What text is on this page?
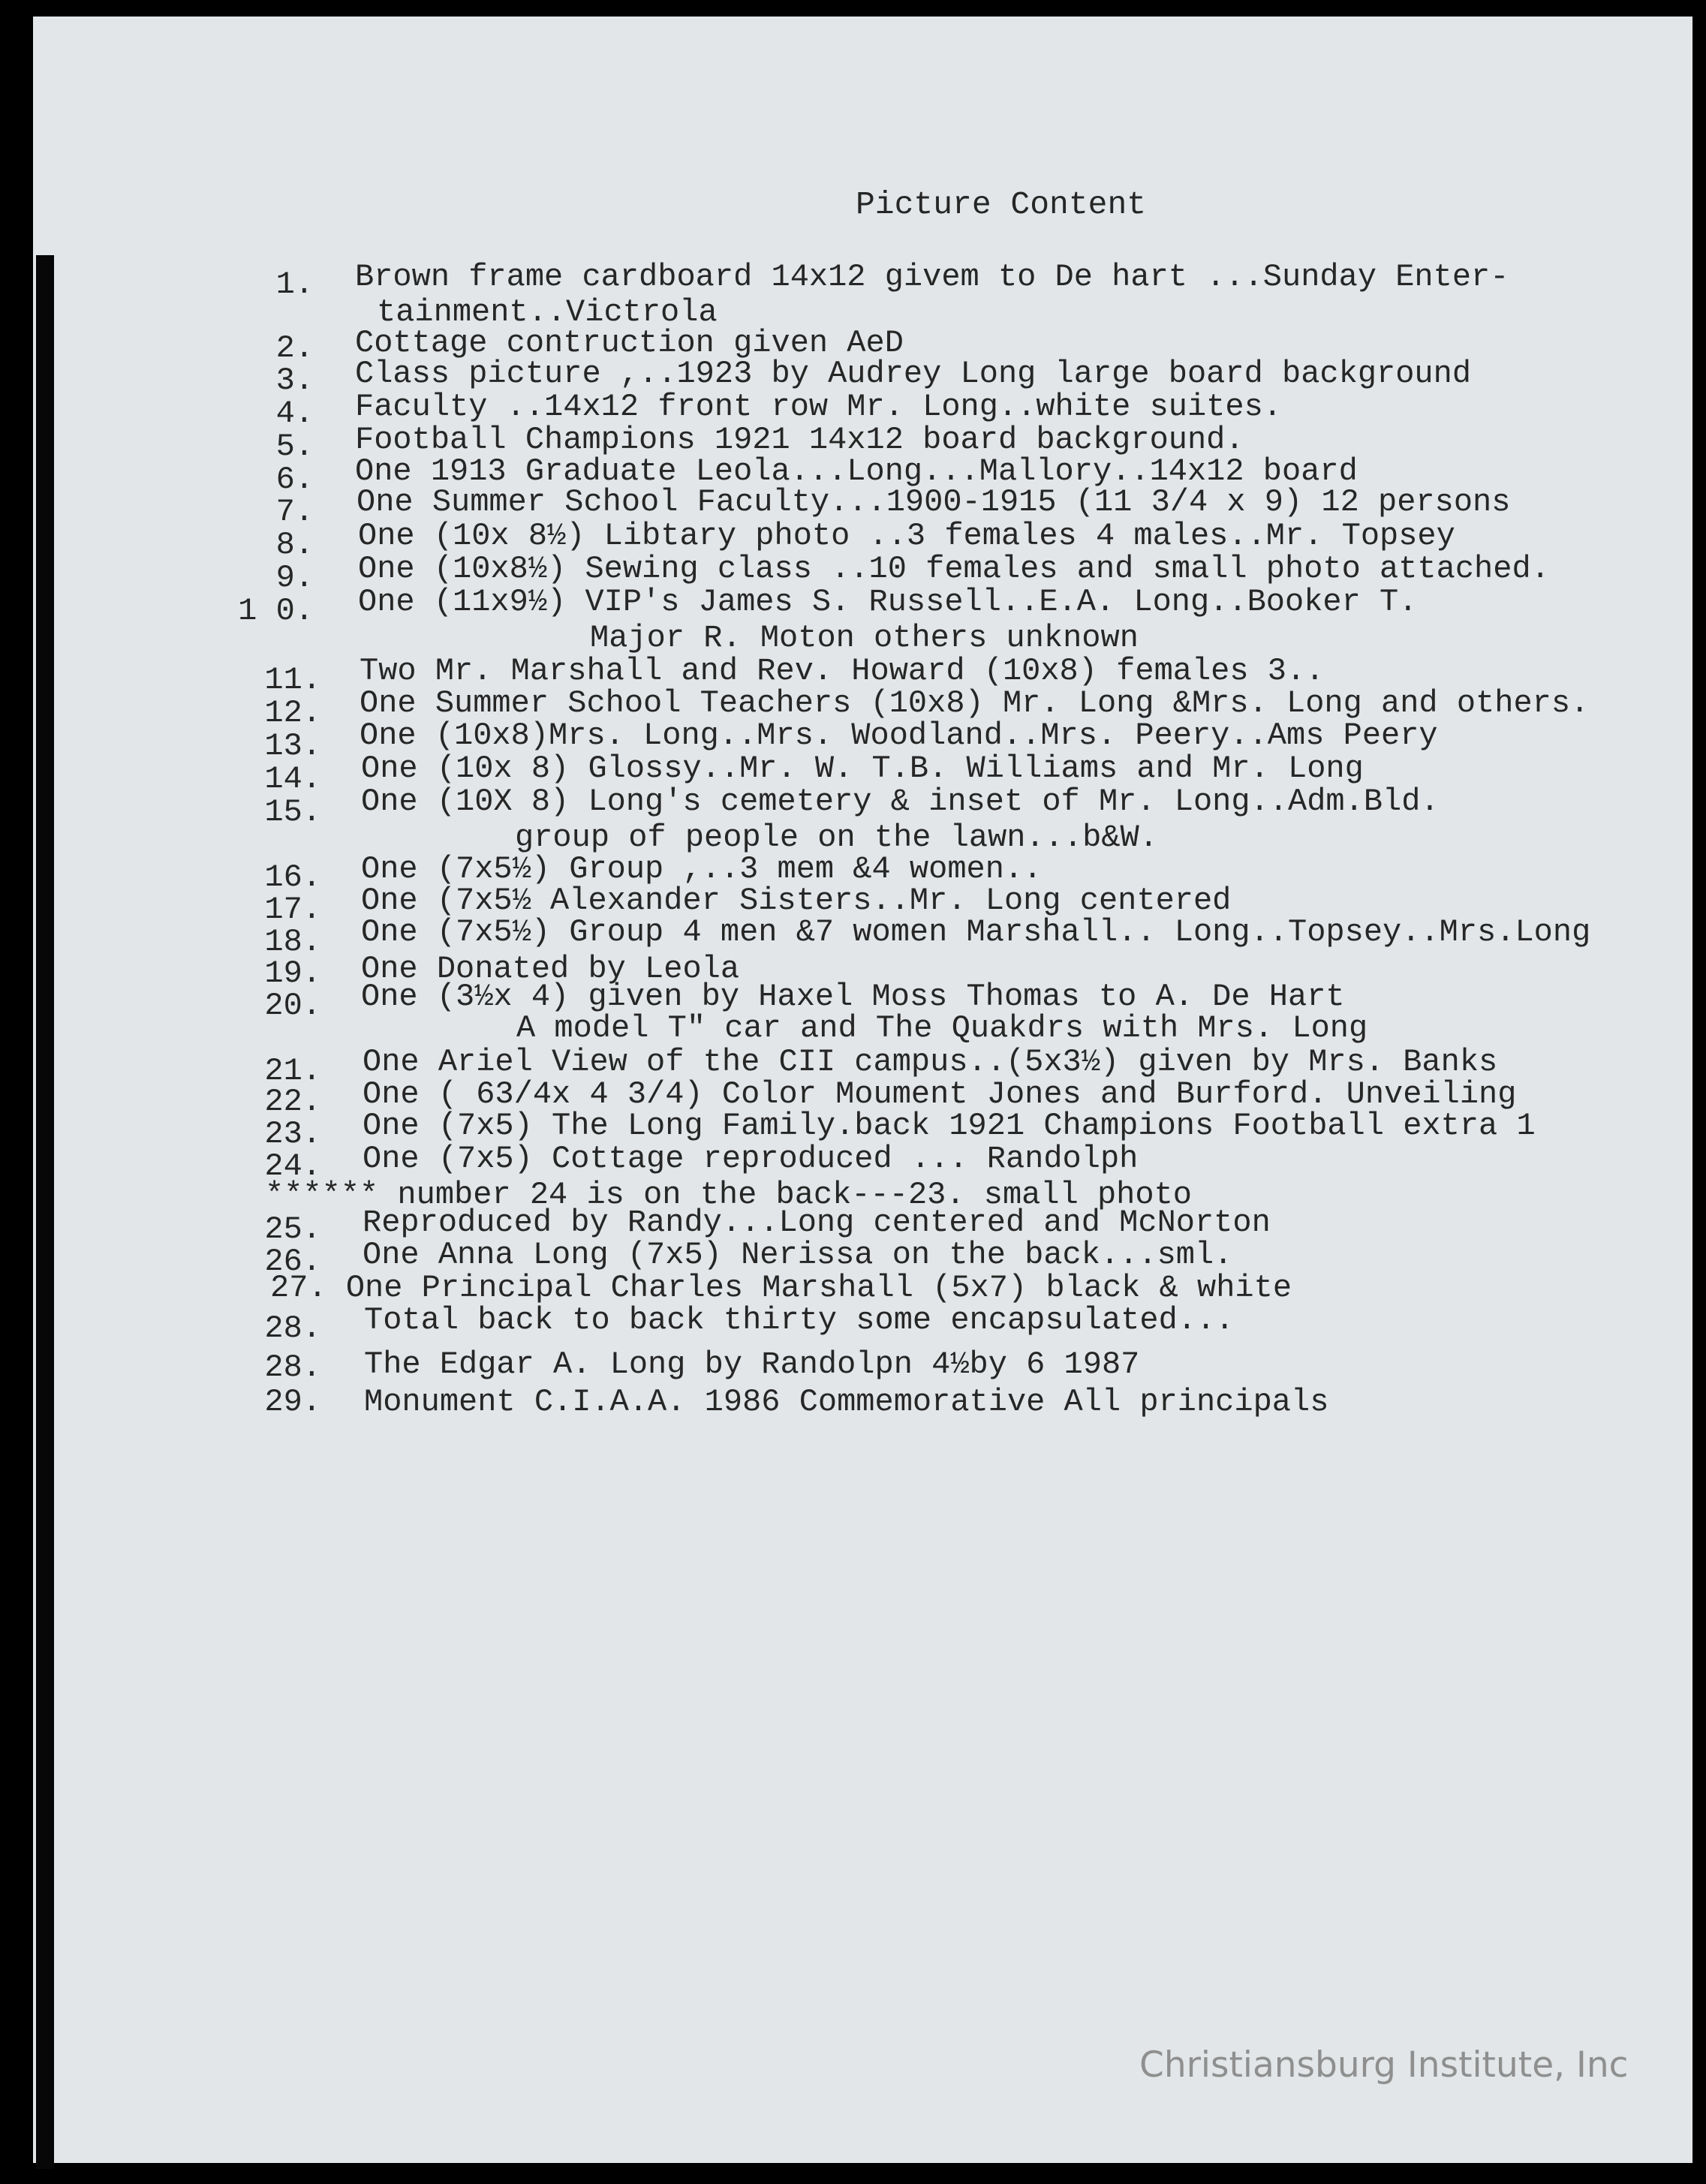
Picture Content
1. Brown frame cardboard 14x12 givem to De hart ...Sunday Enter-
tainment..Victrola
2. Cottage contruction given AeD
3. Class picture ,..1923 by Audrey Long large board background
4. Faculty ..14x12 front row Mr. Long..white suites.
5. Football Champions 1921 14x12 board background.
6. One 1913 Graduate Leola...Long...Mallory..14x12 board
7. One Summer School Faculty...1900-1915 (11 3/4 x 9) 12 persons
8. One (10x 8½) Libtary photo ..3 females 4 males..Mr. Topsey
9. One (10x8½) Sewing class ..10 females and small photo attached.
1 0. One (11x9½) VIP's James S. Russell..E.A. Long..Booker T.
Major R. Moton others unknown
11. Two Mr. Marshall and Rev. Howard (10x8) females 3..
12. One Summer School Teachers (10x8) Mr. Long &Mrs. Long and others.
13. One (10x8)Mrs. Long..Mrs. Woodland..Mrs. Peery..Ams Peery
14. One (10x 8) Glossy..Mr. W. T.B. Williams and Mr. Long
15. One (10X 8) Long's cemetery & inset of Mr. Long..Adm.Bld.
group of people on the lawn...b&W.
16. One (7x5½) Group ,..3 mem &4 women..
17. One (7x5½ Alexander Sisters..Mr. Long centered
18. One (7x5½) Group 4 men &7 women Marshall.. Long..Topsey..Mrs.Long
19. One Donated by Leola
20. One (3½x 4) given by Haxel Moss Thomas to A. De Hart
A model T" car and The Quakdrs with Mrs. Long
21. One Ariel View of the CII campus..(5x3½) given by Mrs. Banks
22. One ( 63/4x 4 3/4) Color Moument Jones and Burford. Unveiling
23. One (7x5) The Long Family.back 1921 Champions Football extra 1
24. One (7x5) Cottage reproduced ... Randolph
****** number 24 is on the back---23. small photo
25. Reproduced by Randy...Long centered and McNorton
26. One Anna Long (7x5) Nerissa on the back...sml.
27. One Principal Charles Marshall (5x7) black & white
28. Total back to back thirty some encapsulated...
28. The Edgar A. Long by Randolpn 4½by 6 1987
29. Monument C.I.A.A. 1986 Commemorative All principals
Christiansburg Institute, Inc
